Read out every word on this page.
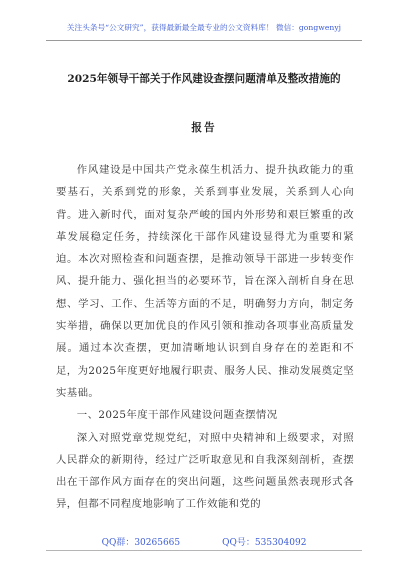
关注头条号“公文研究”，获得最新最全最专业的公文资料库！ 微信：gongwenyj
2025年领导干部关于作风建设查摆问题清单及整改措施的
报告

作风建设是中国共产党永葆生机活力、提升执政能力的重要基石，关系到党的形象，关系到事业发展，关系到人心向背。进入新时代，面对复杂严峻的国内外形势和艰巨繁重的改革发展稳定任务，持续深化干部作风建设显得尤为重要和紧迫。本次对照检查和问题查摆，是推动领导干部进一步转变作风、提升能力、强化担当的必要环节，旨在深入剖析自身在思想、学习、工作、生活等方面的不足，明确努力方向，制定务实举措，确保以更加优良的作风引领和推动各项事业高质量发展。通过本次查摆，更加清晰地认识到自身存在的差距和不足，为2025年度更好地履行职责、服务人民、推动发展奠定坚实基础。

一、2025年度干部作风建设问题查摆情况

深入对照党章党规党纪，对照中央精神和上级要求，对照人民群众的新期待，经过广泛听取意见和自我深刻剖析，查摆出在干部作风方面存在的突出问题，这些问题虽然表现形式各异，但都不同程度地影响了工作效能和党的

QQ群：30265665	QQ号：535304092
